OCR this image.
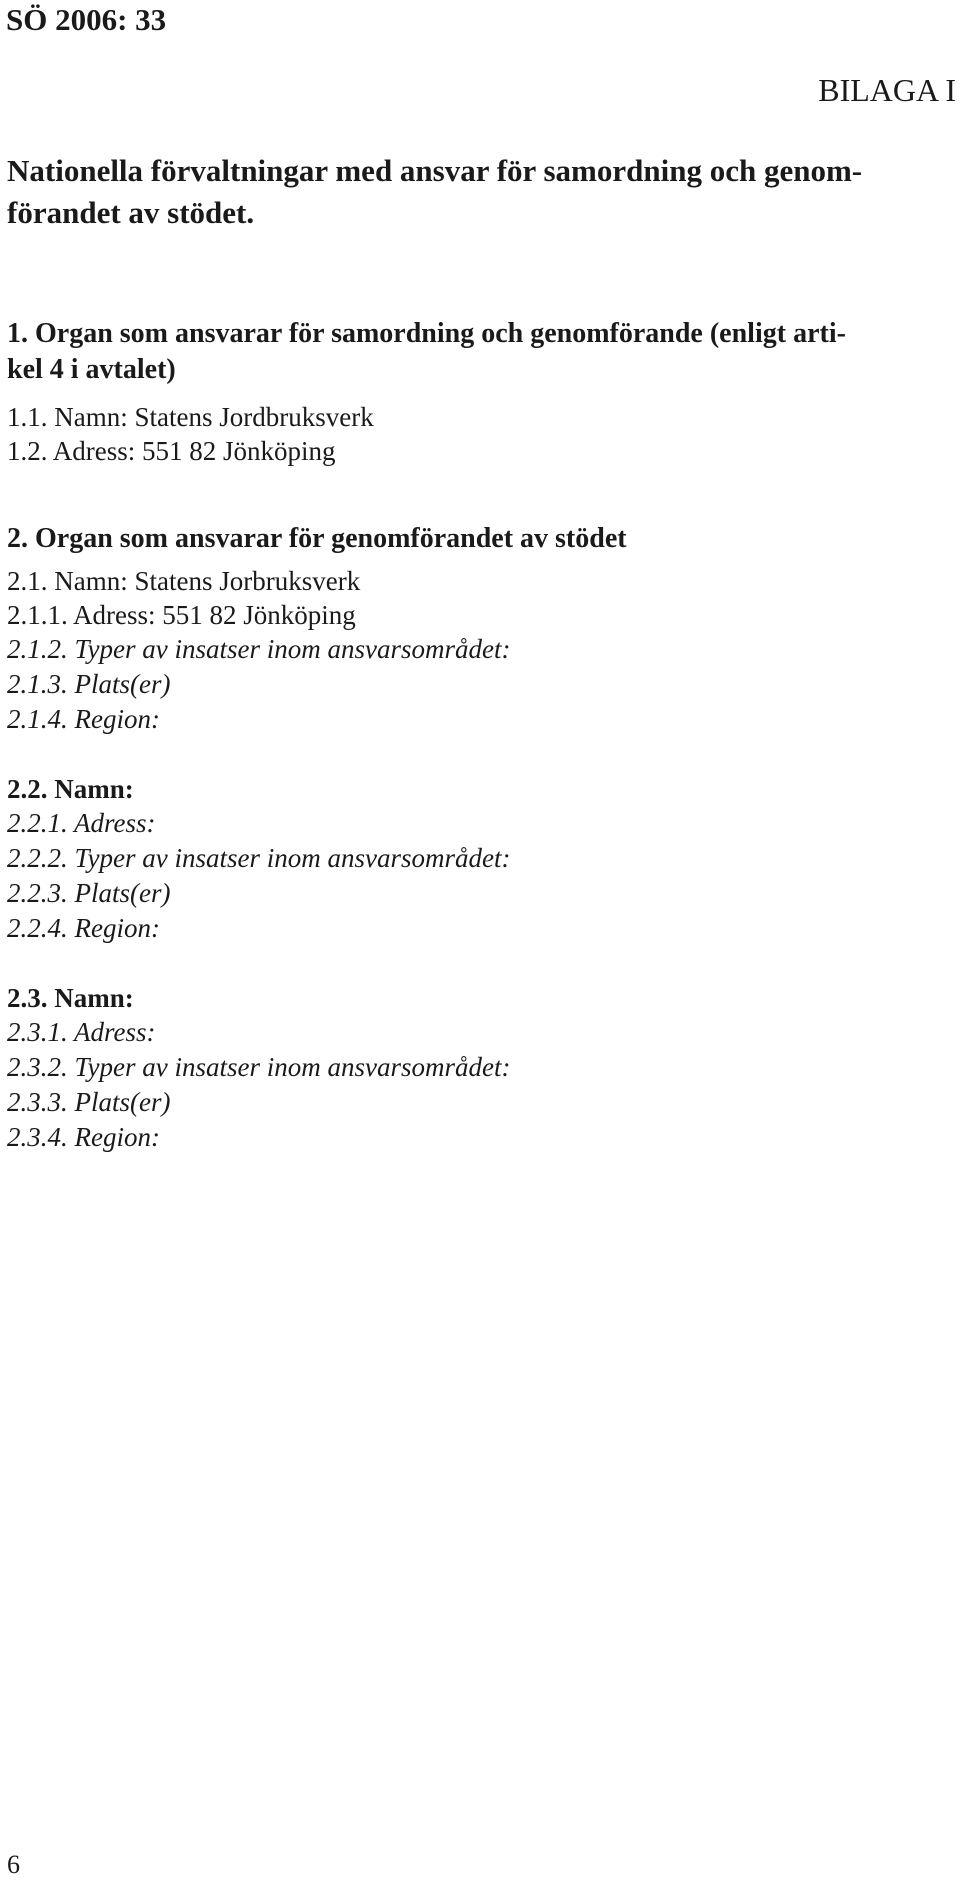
SÖ 2006: 33

BILAGA I

Nationella förvaltningar med ansvar för samordning och genom-
förandet av stödet.
1. Organ som ansvarar för samordning och genomförande (enligt arti-
kel 4 i avtalet)

1.1. Namn: Statens Jordbruksverk

1.2. Adress: 551 82 Jönköping

2. Organ som ansvarar för genomförandet av stödet

2.1. Namn: Statens Jorbruksverk

2.1.1. Adress: 551 82 Jönköping

2.1.2. Typer av insatser inom ansvarsområdet:

2.1.3. Plats(er)

2.1.4. Region:

2.2. Namn:

2.2.1. Adress:

2.2.2. Typer av insatser inom ansvarsområdet:

2.2.3. Plats(er)

2.2.4. Region:

2.3. Namn:

2.3.1. Adress:

2.3.2. Typer av insatser inom ansvarsområdet:

2.3.3. Plats(er)

2.3.4. Region:

6
